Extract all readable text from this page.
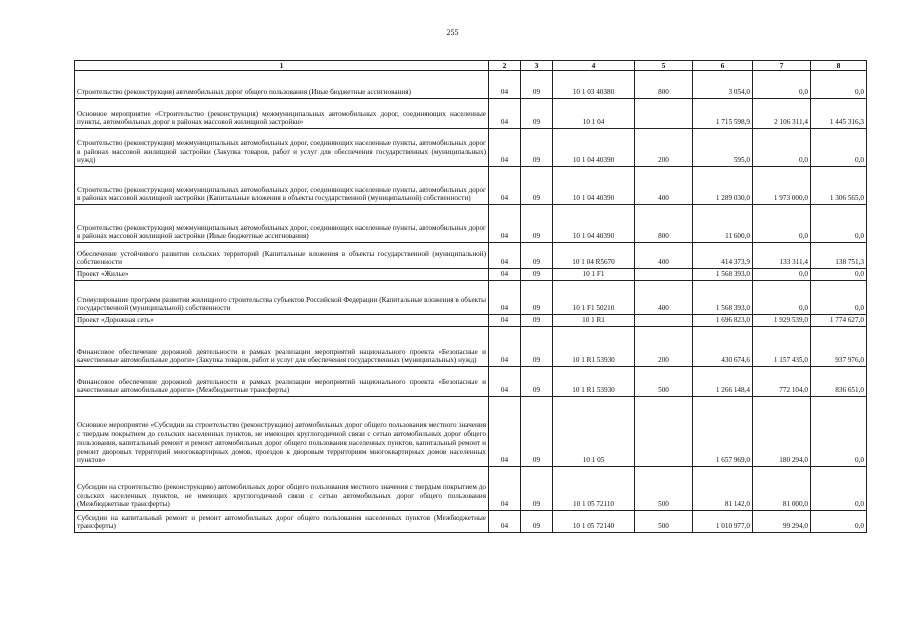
255
1	2	3	4	5	6	7	8
Строительство (реконструкция) автомобильных дорог общего пользования (Иные бюджетные ассигнования)	04	09	10 1 03 40380	800	3 054,0	0,0	0,0
Основное мероприятие «Строительство (реконструкция) межмуниципальных автомобильных дорог, соединяющих населенные пункты, автомобильных дорог в районах массовой жилищной застройки»	04	09	10 1 04		1 715 598,9	2 106 311,4	1 445 316,3
Строительство (реконструкция) межмуниципальных автомобильных дорог, соединяющих населенные пункты, автомобильных дорог в районах массовой жилищной застройки (Закупка товаров, работ и услуг для обеспечения государственных (муниципальных) нужд)	04	09	10 1 04 40390	200	595,0	0,0	0,0
Строительство (реконструкция) межмуниципальных автомобильных дорог, соединяющих населенные пункты, автомобильных дорог в районах массовой жилищной застройки (Капитальные вложения в объекты государственной (муниципальной) собственности)	04	09	10 1 04 40390	400	1 289 030,0	1 973 000,0	1 306 565,0
Строительство (реконструкция) межмуниципальных автомобильных дорог, соединяющих населенные пункты, автомобильных дорог в районах массовой жилищной застройки (Иные бюджетные ассигнования)	04	09	10 1 04 40390	800	11 600,0	0,0	0,0
Обеспечение устойчивого развития сельских территорий (Капитальные вложения в объекты государственной (муниципальной) собственности	04	09	10 1 04 R5670	400	414 373,9	133 311,4	138 751,3
Проект «Жилье»	04	09	10 1 F1		1 568 393,0	0,0	0,0
Стимулирование программ развития жилищного строительства субъектов Российской Федерации (Капитальные вложения в объекты государственной (муниципальной) собственности	04	09	10 1 F1 50210	400	1 568 393,0	0,0	0,0
Проект «Дорожная сеть»	04	09	10 1 R1		1 696 823,0	1 929 539,0	1 774 627,0
Финансовое обеспечение дорожной деятельности в рамках реализации мероприятий национального проекта «Безопасные и качественные автомобильные дороги» (Закупка товаров, работ и услуг для обеспечения государственных (муниципальных) нужд)	04	09	10 1 R1 53930	200	430 674,6	1 157 435,0	937 976,0
Финансовое обеспечение дорожной деятельности в рамках реализации мероприятий национального проекта «Безопасные и качественные автомобильные дороги» (Межбюджетные трансферты)	04	09	10 1 R1 53930	500	1 266 148,4	772 104,0	836 651,0
Основное мероприятие «Субсидии на строительство (реконструкцию) автомобильных дорог общего пользования местного значения с твердым покрытием до сельских населенных пунктов, не имеющих круглогодичной связи с сетью автомобильных дорог общего пользования, капитальный ремонт и ремонт автомобильных дорог общего пользования населенных пунктов, капитальный ремонт и ремонт дворовых территорий многоквартирных домов, проездов к дворовым территориям многоквартирных домов населенных пунктов»	04	09	10 1 05		1 657 969,0	180 294,0	0,0
Субсидии на строительство (реконструкцию) автомобильных дорог общего пользования местного значения с твердым покрытием до сельских населенных пунктов, не имеющих круглогодичной связи с сетью автомобильных дорог общего пользования (Межбюджетные трансферты)	04	09	10 1 05 72110	500	81 142,0	81 000,0	0,0
Субсидии на капитальный ремонт и ремонт автомобильных дорог общего пользования населенных пунктов (Межбюджетные трансферты)	04	09	10 1 05 72140	500	1 010 977,0	99 294,0	0,0
